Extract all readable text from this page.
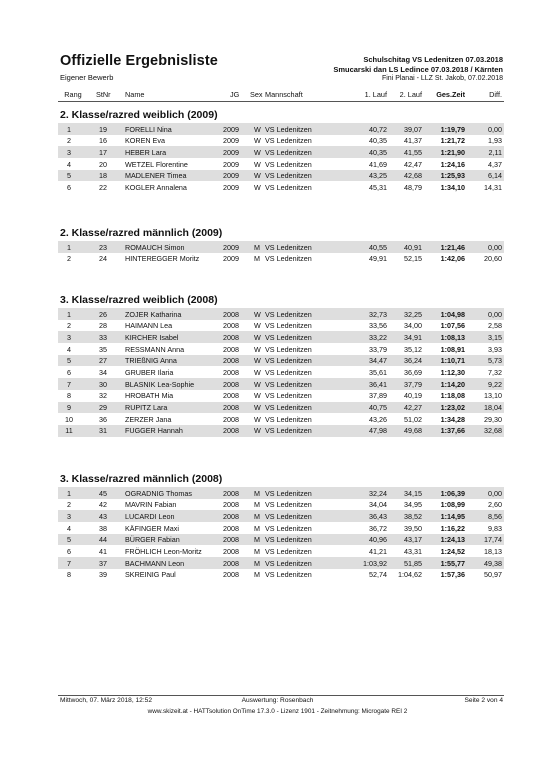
Offizielle Ergebnisliste
Eigener Bewerb
Schulschitag VS Ledenitzen 07.03.2018
Smucarski dan LS Ledince 07.03.2018 / Kärnten
Fini Planai - LLZ St. Jakob, 07.02.2018
Rang	StNr Name	JG Sex Mannschaft	1. Lauf	2. Lauf	Ges.Zeit	Diff.
2. Klasse/razred weiblich (2009)
1	19	FORELLI Nina	2009 W VS Ledenitzen	40,72	39,07	1:19,79	0,00
2	16	KOREN Eva	2009 W VS Ledenitzen	40,35	41,37	1:21,72	1,93
3	17	HEBER Lara	2009 W VS Ledenitzen	40,35	41,55	1:21,90	2,11
4	20	WETZEL Florentine	2009 W VS Ledenitzen	41,69	42,47	1:24,16	4,37
5	18	MADLENER Timea	2009 W VS Ledenitzen	43,25	42,68	1:25,93	6,14
6	22	KOGLER Annalena	2009 W VS Ledenitzen	45,31	48,79	1:34,10	14,31
2. Klasse/razred männlich (2009)
1	23	ROMAUCH Simon	2009 M VS Ledenitzen	40,55	40,91	1:21,46	0,00
2	24	HINTEREGGER Moritz	2009 M VS Ledenitzen	49,91	52,15	1:42,06	20,60
3. Klasse/razred weiblich (2008)
1	26	ZOJER Katharina	2008 W VS Ledenitzen	32,73	32,25	1:04,98	0,00
2	28	HAIMANN Lea	2008 W VS Ledenitzen	33,56	34,00	1:07,56	2,58
3	33	KIRCHER Isabel	2008 W VS Ledenitzen	33,22	34,91	1:08,13	3,15
4	35	RESSMANN Anna	2008 W VS Ledenitzen	33,79	35,12	1:08,91	3,93
5	27	TRIEßNIG Anna	2008 W VS Ledenitzen	34,47	36,24	1:10,71	5,73
6	34	GRUBER Ilaria	2008 W VS Ledenitzen	35,61	36,69	1:12,30	7,32
7	30	BLASNIK Lea-Sophie	2008 W VS Ledenitzen	36,41	37,79	1:14,20	9,22
8	32	HROBATH Mia	2008 W VS Ledenitzen	37,89	40,19	1:18,08	13,10
9	29	RUPITZ Lara	2008 W VS Ledenitzen	40,75	42,27	1:23,02	18,04
10	36	ZERZER Jana	2008 W VS Ledenitzen	43,26	51,02	1:34,28	29,30
11	31	FUGGER Hannah	2008 W VS Ledenitzen	47,98	49,68	1:37,66	32,68
3. Klasse/razred männlich (2008)
1	45	OGRADNIG Thomas	2008 M VS Ledenitzen	32,24	34,15	1:06,39	0,00
2	42	MAVRIN Fabian	2008 M VS Ledenitzen	34,04	34,95	1:08,99	2,60
3	43	LUCARDI Leon	2008 M VS Ledenitzen	36,43	38,52	1:14,95	8,56
4	38	KÄFINGER Maxi	2008 M VS Ledenitzen	36,72	39,50	1:16,22	9,83
5	44	BÜRGER Fabian	2008 M VS Ledenitzen	40,96	43,17	1:24,13	17,74
6	41	FRÖHLICH Leon-Moritz	2008 M VS Ledenitzen	41,21	43,31	1:24,52	18,13
7	37	BACHMANN Leon	2008 M VS Ledenitzen	1:03,92	51,85	1:55,77	49,38
8	39	SKREINIG Paul	2008 M VS Ledenitzen	52,74	1:04,62	1:57,36	50,97
Mittwoch, 07. März 2018, 12:52	Auswertung: Rosenbach	Seite 2 von 4
www.skizeit.at - HATTsolution OnTime 17.3.0 - Lizenz 1901 - Zeitnehmung: Microgate REI 2
